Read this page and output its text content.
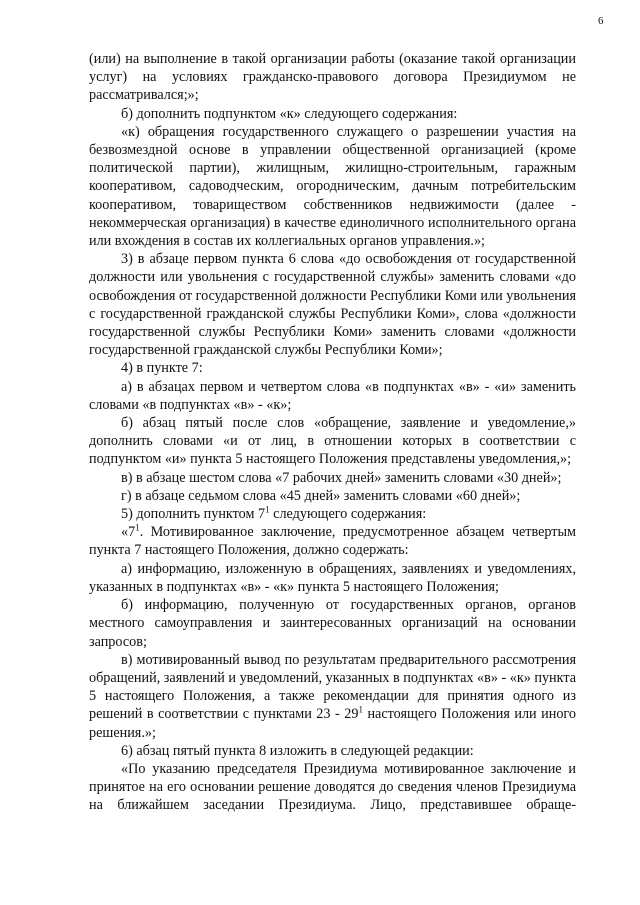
6

(или) на выполнение в такой организации работы (оказание такой организации услуг) на условиях гражданско-правового договора Президиумом не рассматривался;»;

б) дополнить подпунктом «к» следующего содержания:

«к) обращения государственного служащего о разрешении участия на безвозмездной основе в управлении общественной организацией (кроме политической партии), жилищным, жилищно-строительным, гаражным кооперативом, садоводческим, огородническим, дачным потребительским кооперативом, товариществом собственников недвижимости (далее - некоммерческая организация) в качестве единоличного исполнительного органа или вхождения в состав их коллегиальных органов управления.»;

3) в абзаце первом пункта 6 слова «до освобождения от государственной должности или увольнения с государственной службы» заменить словами «до освобождения от государственной должности Республики Коми или увольнения с государственной гражданской службы Республики Коми», слова «должности государственной службы Республики Коми» заменить словами «должности государственной гражданской службы Республики Коми»;

4) в пункте 7:

а) в абзацах первом и четвертом слова «в подпунктах «в» - «и» заменить словами «в подпунктах «в» - «к»;

б) абзац пятый после слов «обращение, заявление и уведомление,» дополнить словами «и от лиц, в отношении которых в соответствии с подпунктом «и» пункта 5 настоящего Положения представлены уведомления,»;

в) в абзаце шестом слова «7 рабочих дней» заменить словами «30 дней»;

г) в абзаце седьмом слова «45 дней» заменить словами «60 дней»;

5) дополнить пунктом $7^1$ следующего содержания:

«$7^1$. Мотивированное заключение, предусмотренное абзацем четвертым пункта 7 настоящего Положения, должно содержать:

а) информацию, изложенную в обращениях, заявлениях и уведомлениях, указанных в подпунктах «в» - «к» пункта 5 настоящего Положения;

б) информацию, полученную от государственных органов, органов местного самоуправления и заинтересованных организаций на основании запросов;

в) мотивированный вывод по результатам предварительного рассмотрения обращений, заявлений и уведомлений, указанных в подпунктах «в» - «к» пункта 5 настоящего Положения, а также рекомендации для принятия одного из решений в соответствии с пунктами $23 - 29^1$ настоящего Положения или иного решения.»;

6) абзац пятый пункта 8 изложить в следующей редакции:

«По указанию председателя Президиума мотивированное заключение и принятое на его основании решение доводятся до сведения членов Президиума на ближайшем заседании Президиума. Лицо, представившее обраще-
